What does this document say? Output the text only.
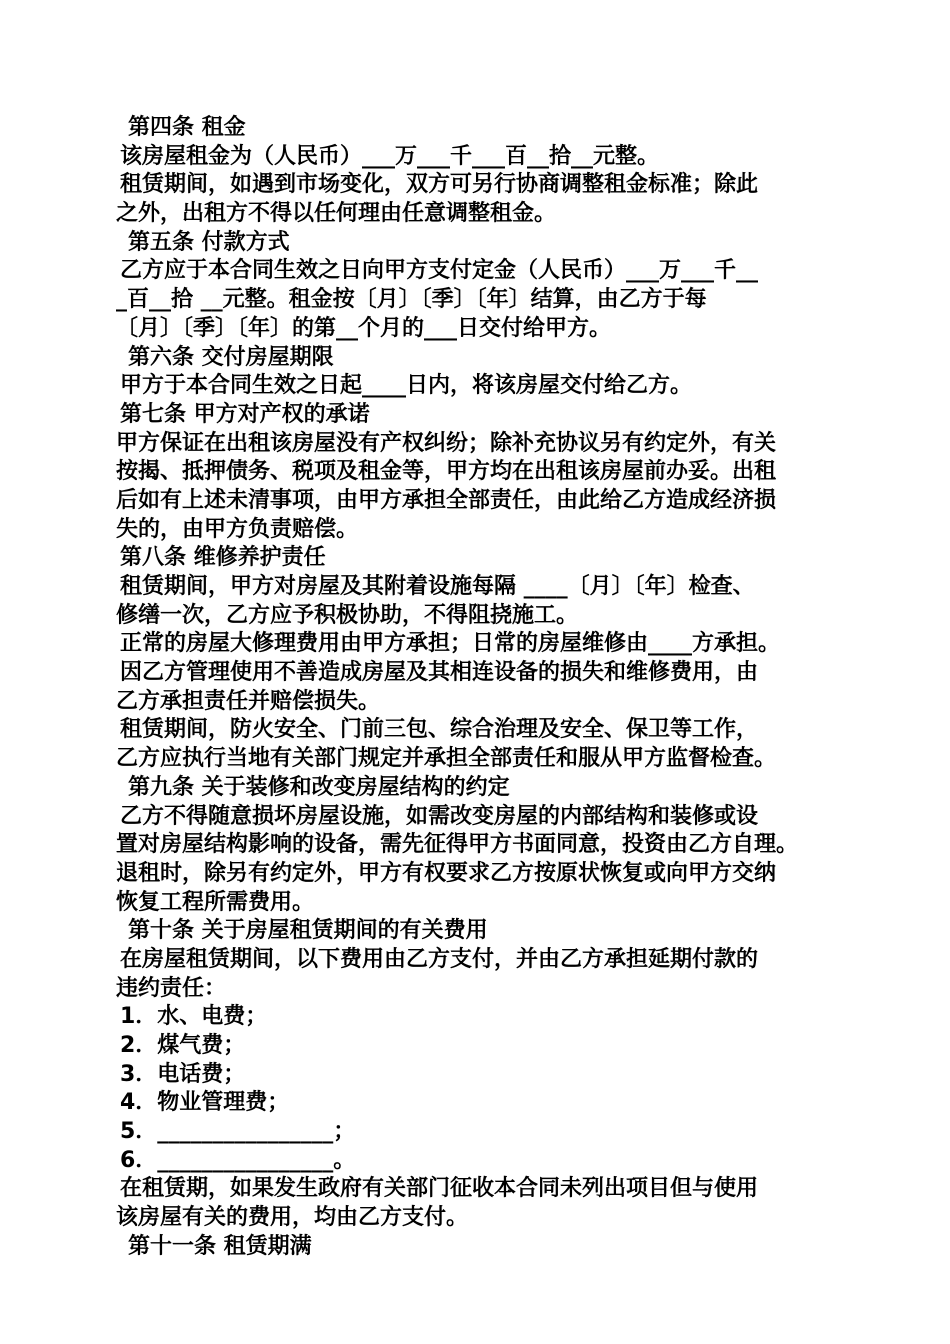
第四条 租金
该房屋租金为（人民币）___万___千___百__拾__元整。
租赁期间，如遇到市场变化，双方可另行协商调整租金标准；除此
之外，出租方不得以任何理由任意调整租金。
第五条 付款方式
乙方应于本合同生效之日向甲方支付定金（人民币）___万___千__
_百__拾 __元整。租金按〔月〕〔季〕〔年〕结算，由乙方于每
〔月〕〔季〕〔年〕的第__个月的___日交付给甲方。
第六条 交付房屋期限
甲方于本合同生效之日起____日内，将该房屋交付给乙方。
第七条 甲方对产权的承诺
甲方保证在出租该房屋没有产权纠纷；除补充协议另有约定外，有关
按揭、抵押债务、税项及租金等，甲方均在出租该房屋前办妥。出租
后如有上述未清事项，由甲方承担全部责任，由此给乙方造成经济损
失的，由甲方负责赔偿。
第八条 维修养护责任
租赁期间，甲方对房屋及其附着设施每隔 ____〔月〕〔年〕检查、
修缮一次，乙方应予积极协助，不得阻挠施工。
正常的房屋大修理费用由甲方承担；日常的房屋维修由____方承担。
因乙方管理使用不善造成房屋及其相连设备的损失和维修费用，由
乙方承担责任并赔偿损失。
租赁期间，防火安全、门前三包、综合治理及安全、保卫等工作，
乙方应执行当地有关部门规定并承担全部责任和服从甲方监督检查。
第九条 关于装修和改变房屋结构的约定
乙方不得随意损坏房屋设施，如需改变房屋的内部结构和装修或设
置对房屋结构影响的设备，需先征得甲方书面同意，投资由乙方自理。
退租时，除另有约定外，甲方有权要求乙方按原状恢复或向甲方交纳
恢复工程所需费用。
第十条 关于房屋租赁期间的有关费用
在房屋租赁期间，以下费用由乙方支付，并由乙方承担延期付款的
违约责任：
1．水、电费；
2．煤气费；
3．电话费；
4．物业管理费；
5．________________；
6．________________。
在租赁期，如果发生政府有关部门征收本合同未列出项目但与使用
该房屋有关的费用，均由乙方支付。
第十一条 租赁期满
